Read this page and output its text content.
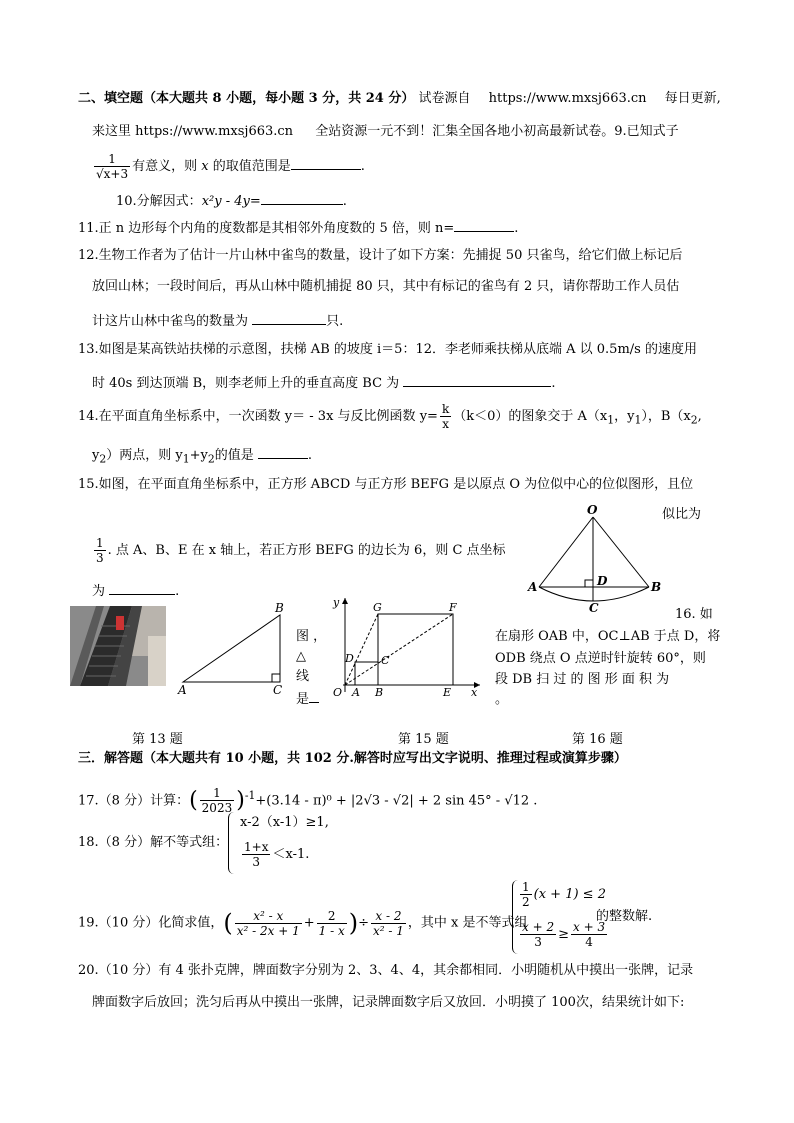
二、填空题（本大题共 8 小题，每小题 3 分，共 24 分） 试卷源自 https://www.mxsj663.cn 每日更新,
来这里 https://www.mxsj663.cn 全站资源一元不到！汇集全国各地小初高最新试卷。9.已知式子
$\frac{1}{√x+3}$ 有意义，则 x 的取值范围是	.
10.分解因式：x²y - 4y=	.
11.正 n 边形每个内角的度数都是其相邻外角度数的 5 倍，则 n=	.
12.生物工作者为了估计一片山林中雀鸟的数量，设计了如下方案：先捕捉 50 只雀鸟，给它们做上标记后
放回山林；一段时间后，再从山林中随机捕捉 80 只，其中有标记的雀鸟有 2 只，请你帮助工作人员估
计这片山林中雀鸟的数量为	只.
13.如图是某高铁站扶梯的示意图，扶梯 AB 的坡度 i＝5：12．李老师乘扶梯从底端 A 以 0.5m/s 的速度用
时 40s 到达顶端 B，则李老师上升的垂直高度 BC 为	.
14.在平面直角坐标系中，一次函数 y＝ - 3x 与反比例函数 $y= \frac{k}{x} (k<0)$的图象交于 $A(x_1$，$y_1$），$B(x_2$,
$y_2$）两点，则 $y_1+y_2$的值是	.
15.如图，在平面直角坐标系中，正方形 ABCD 与正方形 BEFG 是以原点 O 为位似中心的位似图形，且位
似比为
$\frac{1}{3}$ . 点 A、B、E 在 x 轴上，若正方形 BEFG 的边长为 6，则 C 点坐标
为	.
16. 如
在扇形 OAB 中，OC⊥AB 于点 D，将
ODB 绕点 O 点逆时针旋转 60°，则
段 DB 扫 过 的 图 形 面 积 为
。
图 ，
△
线
是
B
A	C
y	G	F
D C
O A B	E x
O
A	B
D
C
第 13 题	第 15 题	第 16 题
三．解答题（本大题共有 10 小题，共 102 分.解答时应写出文字说明、推理过程或演算步骤）
17.（8 分）计算：( $\frac{1}{2023} )^{-1}+(3.14 - \pi)^0 + |2√3 - √2| + 2$ sin 45° - √12 .
18.（8 分）解不等式组：
x-2（x-1）≥1,
$\frac{1+x}{3} <x-1$.
19.（10 分）化简求值，( $\frac{\text{x² - x}}{\text{x² - 2x + 1}} + \frac{2}{1 - x}$ )÷ $\frac{x - 2}{\text{x² - 1}}$ ，其中 x 是不等式组
$\frac{1}{2} (x + 1) \le 2$
$\frac{x + 2}{3} \ge \frac{x + 3}{4}$
的整数解.
20.（10 分）有 4 张扑克牌，牌面数字分别为 2、3、4、4，其余都相同．小明随机从中摸出一张牌，记录
牌面数字后放回；洗匀后再从中摸出一张牌，记录牌面数字后又放回．小明摸了 100次，结果统计如下:
